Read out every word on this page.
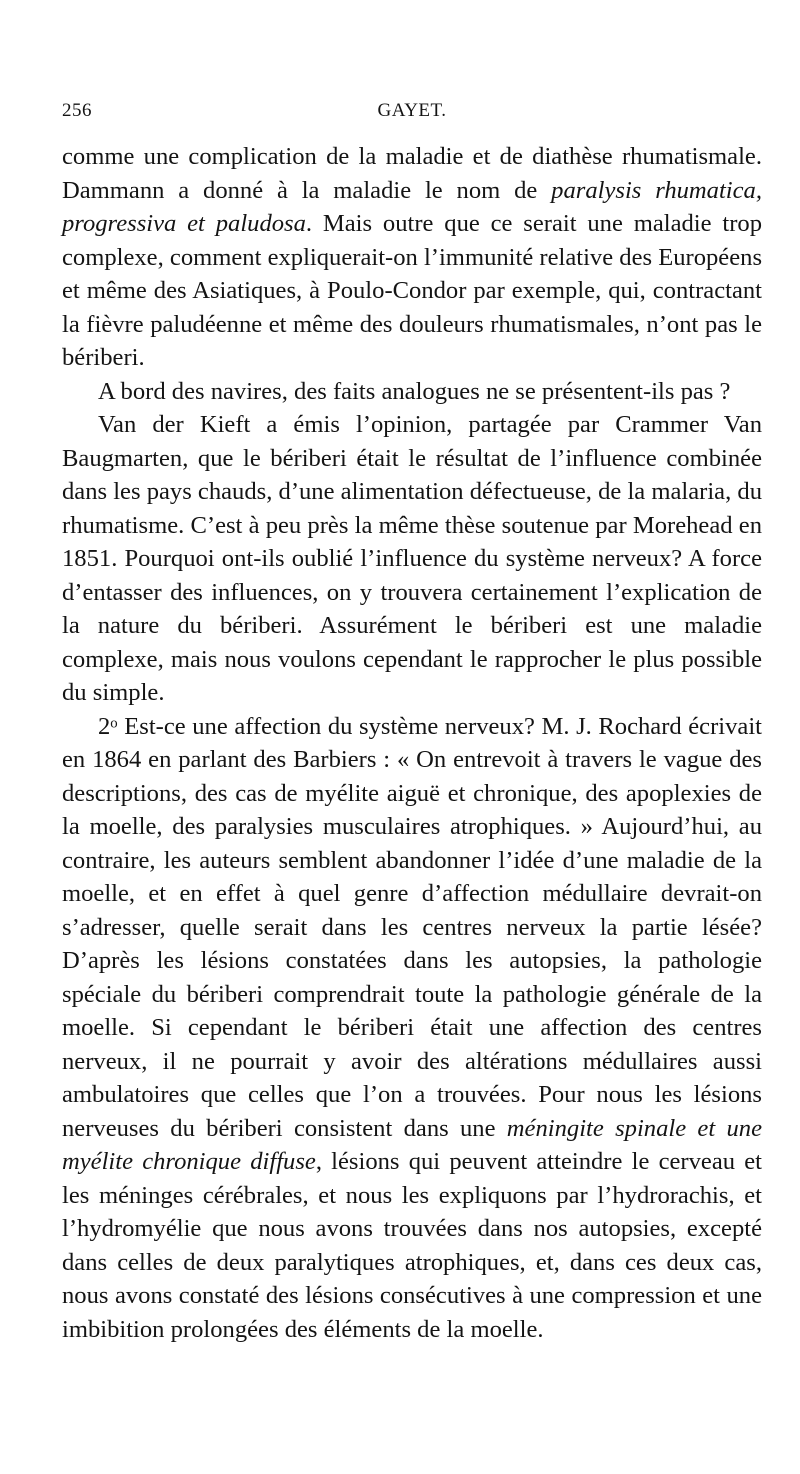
256	GAYET.

comme une complication de la maladie et de diathèse rhumatismale. Dammann a donné à la maladie le nom de paralysis rhumatica, progressiva et paludosa. Mais outre que ce serait une maladie trop complexe, comment expliquerait-on l’immunité relative des Européens et même des Asiatiques, à Poulo-Condor par exemple, qui, contractant la fièvre paludéenne et même des douleurs rhumatismales, n’ont pas le bériberi.

A bord des navires, des faits analogues ne se présentent-ils pas ?

Van der Kieft a émis l’opinion, partagée par Crammer Van Baugmarten, que le bériberi était le résultat de l’influence combinée dans les pays chauds, d’une alimentation défectueuse, de la malaria, du rhumatisme. C’est à peu près la même thèse soutenue par Morehead en 1851. Pourquoi ont-ils oublié l’influence du système nerveux? A force d’entasser des influences, on y trouvera certainement l’explication de la nature du bériberi. Assurément le bériberi est une maladie complexe, mais nous voulons cependant le rapprocher le plus possible du simple.

2$^o$ Est-ce une affection du système nerveux? M. J. Rochard écrivait en 1864 en parlant des Barbiers : « On entrevoit à travers le vague des descriptions, des cas de myélite aiguë et chronique, des apoplexies de la moelle, des paralysies musculaires atrophiques. » Aujourd’hui, au contraire, les auteurs semblent abandonner l’idée d’une maladie de la moelle, et en effet à quel genre d’affection médullaire devrait-on s’adresser, quelle serait dans les centres nerveux la partie lésée? D’après les lésions constatées dans les autopsies, la pathologie spéciale du bériberi comprendrait toute la pathologie générale de la moelle. Si cependant le bériberi était une affection des centres nerveux, il ne pourrait y avoir des altérations médullaires aussi ambulatoires que celles que l’on a trouvées. Pour nous les lésions nerveuses du bériberi consistent dans une méningite spinale et une myélite chronique diffuse, lésions qui peuvent atteindre le cerveau et les méninges cérébrales, et nous les expliquons par l’hydrorachis, et l’hydromyélie que nous avons trouvées dans nos autopsies, excepté dans celles de deux paralytiques atrophiques, et, dans ces deux cas, nous avons constaté des lésions consécutives à une compression et une imbibition prolongées des éléments de la moelle.
